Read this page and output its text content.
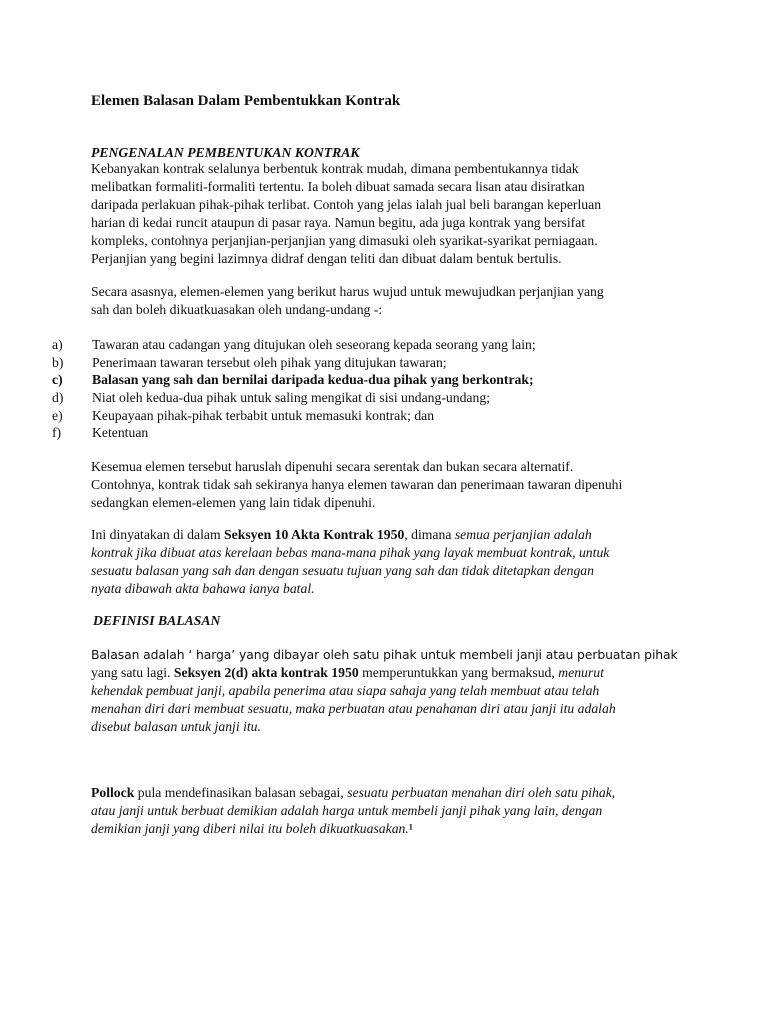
Elemen Balasan Dalam Pembentukkan Kontrak
PENGENALAN PEMBENTUKAN KONTRAK
Kebanyakan kontrak selalunya berbentuk kontrak mudah, dimana pembentukannya tidak
melibatkan formaliti-formaliti tertentu. Ia boleh dibuat samada secara lisan atau disiratkan
daripada perlakuan pihak-pihak terlibat. Contoh yang jelas ialah jual beli barangan keperluan
harian di kedai runcit ataupun di pasar raya. Namun begitu, ada juga kontrak yang bersifat
kompleks, contohnya perjanjian-perjanjian yang dimasuki oleh syarikat-syarikat perniagaan.
Perjanjian yang begini lazimnya didraf dengan teliti dan dibuat dalam bentuk bertulis.
Secara asasnya, elemen-elemen yang berikut harus wujud untuk mewujudkan perjanjian yang
sah dan boleh dikuatkuasakan oleh undang-undang -:
a) Tawaran atau cadangan yang ditujukan oleh seseorang kepada seorang yang lain;
b) Penerimaan tawaran tersebut oleh pihak yang ditujukan tawaran;
c) Balasan yang sah dan bernilai daripada kedua-dua pihak yang berkontrak;
d) Niat oleh kedua-dua pihak untuk saling mengikat di sisi undang-undang;
e) Keupayaan pihak-pihak terbabit untuk memasuki kontrak; dan
f) Ketentuan
Kesemua elemen tersebut haruslah dipenuhi secara serentak dan bukan secara alternatif.
Contohnya, kontrak tidak sah sekiranya hanya elemen tawaran dan penerimaan tawaran dipenuhi
sedangkan elemen-elemen yang lain tidak dipenuhi.
Ini dinyatakan di dalam Seksyen 10 Akta Kontrak 1950, dimana semua perjanjian adalah
kontrak jika dibuat atas kerelaan bebas mana-mana pihak yang layak membuat kontrak, untuk
sesuatu balasan yang sah dan dengan sesuatu tujuan yang sah dan tidak ditetapkan dengan
nyata dibawah akta bahawa ianya batal.
DEFINISI BALASAN
Balasan adalah ‘ harga’ yang dibayar oleh satu pihak untuk membeli janji atau perbuatan pihak
yang satu lagi. Seksyen 2(d) akta kontrak 1950 memperuntukkan yang bermaksud, menurut
kehendak pembuat janji, apabila penerima atau siapa sahaja yang telah membuat atau telah
menahan diri dari membuat sesuatu, maka perbuatan atau penahanan diri atau janji itu adalah
disebut balasan untuk janji itu.
Pollock pula mendefinasikan balasan sebagai, sesuatu perbuatan menahan diri oleh satu pihak,
atau janji untuk berbuat demikian adalah harga untuk membeli janji pihak yang lain, dengan
demikian janji yang diberi nilai itu boleh dikuatkuasakan.¹
